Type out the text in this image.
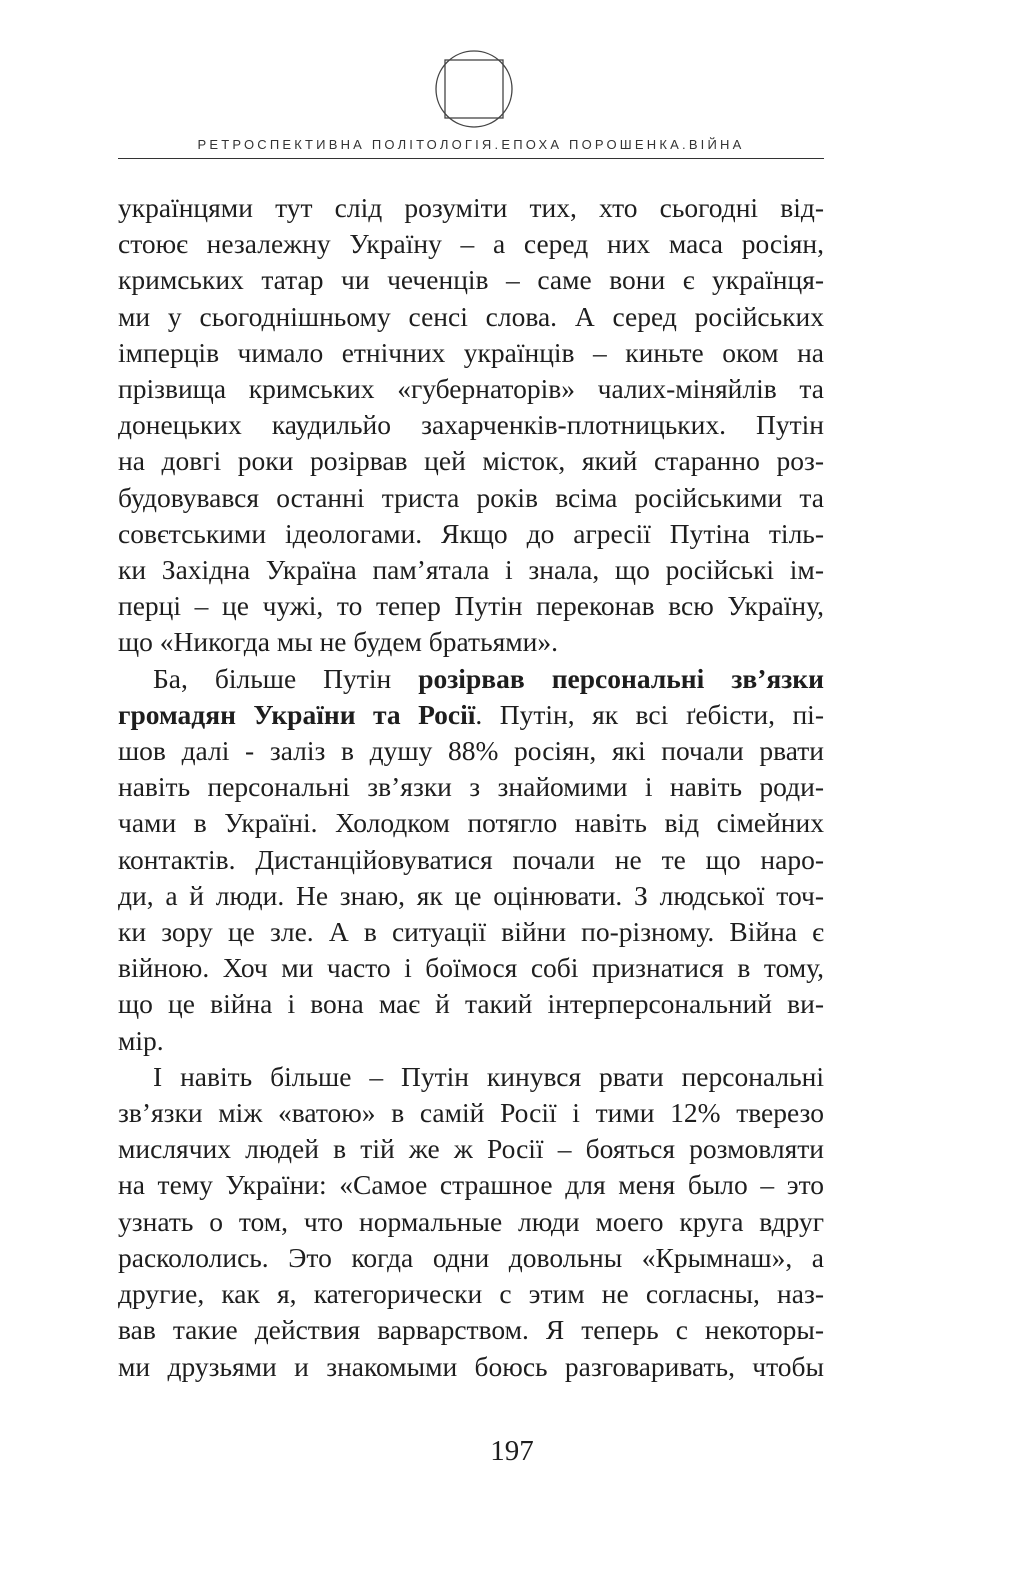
РЕТРОСПЕКТИВНА ПОЛІТОЛОГІЯ.ЕПОХА ПОРОШЕНКА.ВІЙНА
українцями тут слід розуміти тих, хто сьогодні від-
стоює незалежну Україну – а серед них маса росіян,
кримських татар чи чеченців – саме вони є українця-
ми у сьогоднішньому сенсі слова. А серед російських
імперців чимало етнічних українців – киньте оком на
прізвища кримських «губернаторів» чалих-міняйлів та
донецьких каудильйо захарченків-плотницьких. Путін
на довгі роки розірвав цей місток, який старанно роз-
будовувався останні триста років всіма російськими та
совєтськими ідеологами. Якщо до агресії Путіна тіль-
ки Західна Україна пам’ятала і знала, що російські ім-
перці – це чужі, то тепер Путін переконав всю Україну,
що «Никогда мы не будем братьями».
Ба, більше Путін розірвав персональні зв’язки
громадян України та Росії. Путін, як всі ґебісти, пі-
шов далі - заліз в душу 88% росіян, які почали рвати
навіть персональні зв’язки з знайомими і навіть роди-
чами в Україні. Холодком потягло навіть від сімейних
контактів. Дистанційовуватися почали не те що наро-
ди, а й люди. Не знаю, як це оцінювати. З людської точ-
ки зору це зле. А в ситуації війни по-різному. Війна є
війною. Хоч ми часто і боїмося собі признатися в тому,
що це війна і вона має й такий інтерперсональний ви-
мір.
І навіть більше – Путін кинувся рвати персональні
зв’язки між «ватою» в самій Росії і тими 12% тверезо
мислячих людей в тій же ж Росії – бояться розмовляти
на тему України: «Самое страшное для меня было – это
узнать о том, что нормальные люди моего круга вдруг
раскололись. Это когда одни довольны «Крымнаш», а
другие, как я, категорически с этим не согласны, наз-
вав такие действия варварством. Я теперь с некоторы-
ми друзьями и знакомыми боюсь разговаривать, чтобы
197
